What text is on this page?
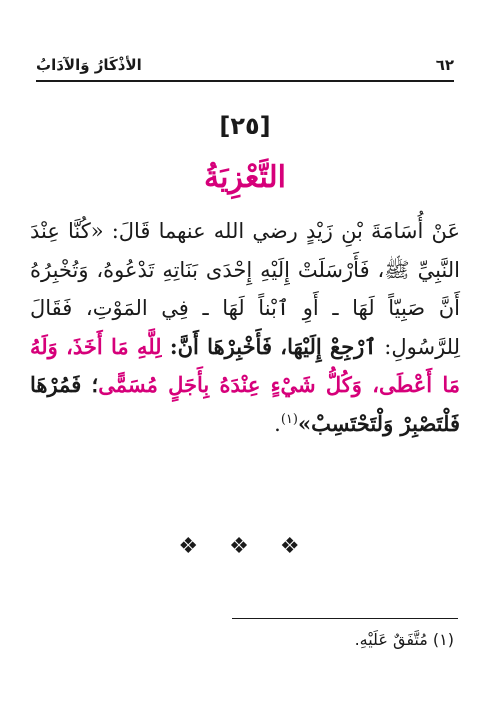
٦٢
الأذْكَارُ وَالآدَابُ
[٢٥]
التَّعْزِيَةُ
عَنْ أُسَامَةَ بْنِ زَيْدٍ رضي الله عنهما قَالَ: «كُنَّا عِنْدَ النَّبِيِّ ﷺ، فَأَرْسَلَتْ إِلَيْهِ إِحْدَى بَنَاتِهِ تَدْعُوهُ، وَتُخْبِرُهُ أَنَّ صَبِيّاً لَهَا ـ أَوِ ٱبْناً لَهَا ـ فِي المَوْتِ، فَقَالَ لِلرَّسُولِ: ٱرْجِعْ إِلَيْهَا، فَأَخْبِرْهَا أَنَّ: لِلَّهِ مَا أَخَذَ، وَلَهُ مَا أَعْطَى، وَكُلُّ شَيْءٍ عِنْدَهُ بِأَجَلٍ مُسَمًّى؛ فَمُرْهَا فَلْتَصْبِرْ وَلْتَحْتَسِبْ»$^{(١)}$.
❖ ❖ ❖
(١) مُتَّفَقٌ عَلَيْهِ.
